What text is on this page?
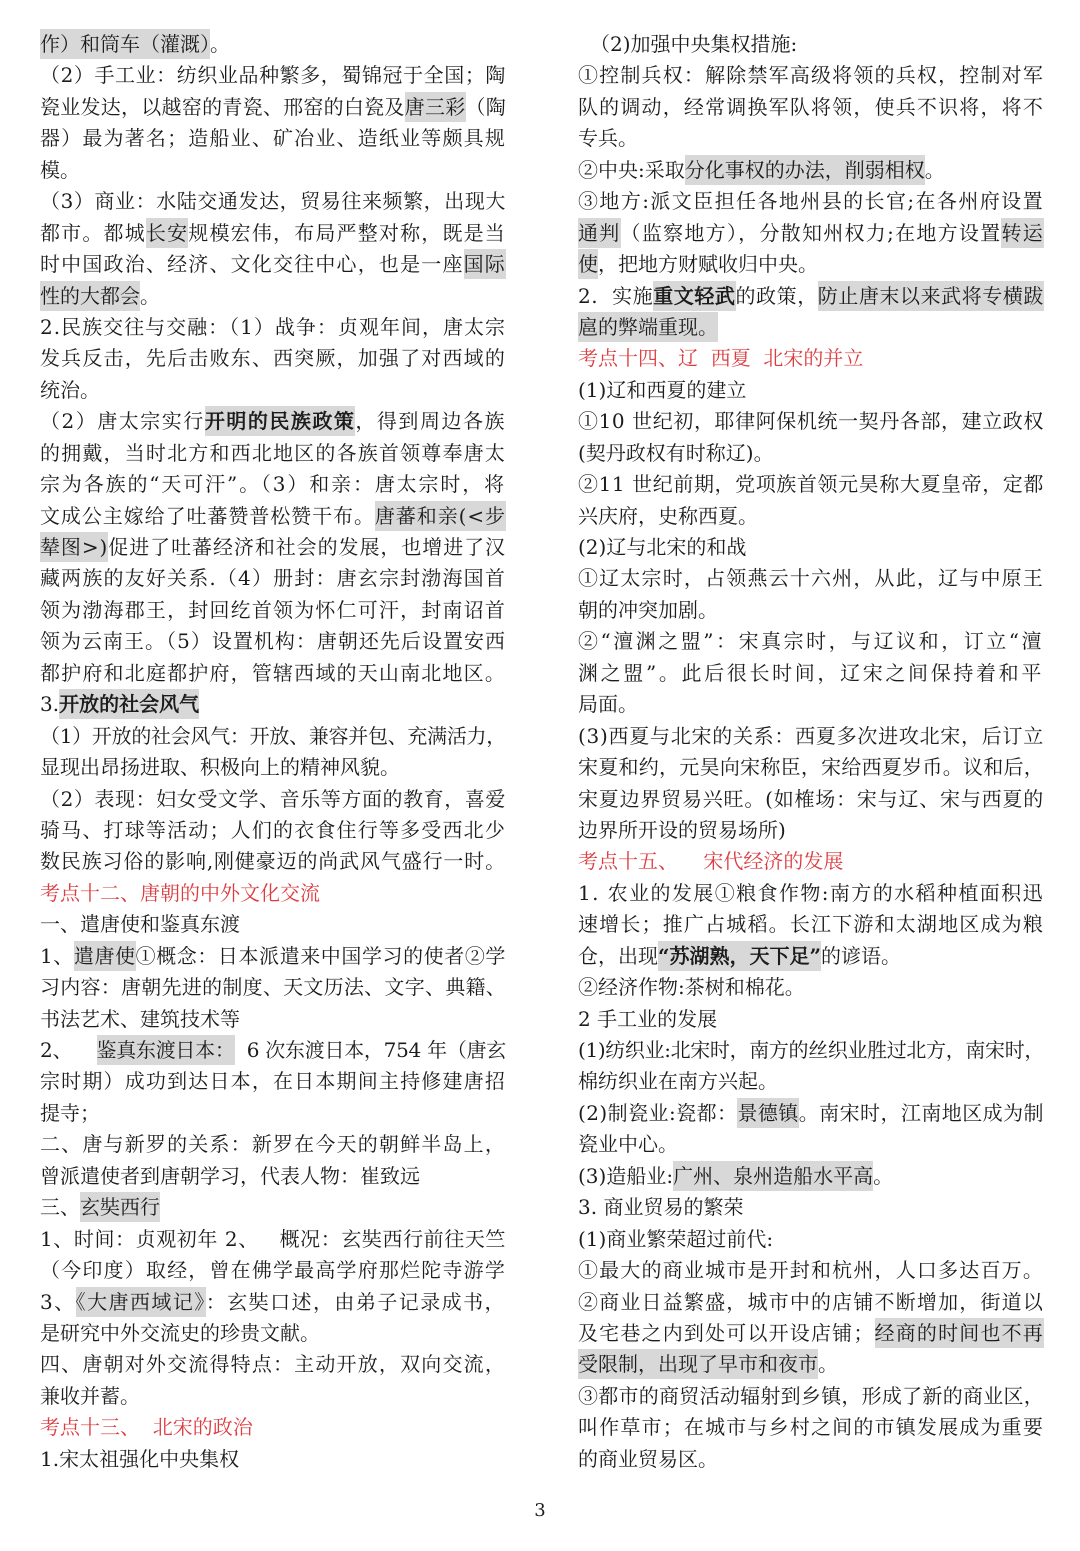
作）和筒车（灌溉）。
（2）手工业：纺织业品种繁多，蜀锦冠于全国；陶
瓷业发达，以越窑的青瓷、邢窑的白瓷及唐三彩（陶
器）最为著名；造船业、矿冶业、造纸业等颇具规
模。
（3）商业：水陆交通发达，贸易往来频繁，出现大
都市。都城长安规模宏伟，布局严整对称，既是当
时中国政治、经济、文化交往中心，也是一座国际
性的大都会。
2.民族交往与交融：（1）战争：贞观年间，唐太宗
发兵反击，先后击败东、西突厥，加强了对西域的
统治。
（2）唐太宗实行开明的民族政策，得到周边各族
的拥戴，当时北方和西北地区的各族首领尊奉唐太
宗为各族的“天可汗”。（3）和亲：唐太宗时，将
文成公主嫁给了吐蕃赞普松赞干布。唐蕃和亲(<步
辇图>)促进了吐蕃经济和社会的发展，也增进了汉
藏两族的友好关系.（4）册封：唐玄宗封渤海国首
领为渤海郡王，封回纥首领为怀仁可汗，封南诏首
领为云南王。（5）设置机构：唐朝还先后设置安西
都护府和北庭都护府，管辖西域的天山南北地区。
3.开放的社会风气
（1）开放的社会风气：开放、兼容并包、充满活力，
显现出昂扬进取、积极向上的精神风貌。
（2）表现：妇女受文学、音乐等方面的教育，喜爱
骑马、打球等活动；人们的衣食住行等多受西北少
数民族习俗的影响,刚健豪迈的尚武风气盛行一时。
考点十二、唐朝的中外文化交流
一、遣唐使和鉴真东渡
1、遣唐使①概念：日本派遣来中国学习的使者②学
习内容：唐朝先进的制度、天文历法、文字、典籍、
书法艺术、建筑技术等
2、    鉴真东渡日本：  6 次东渡日本，754 年（唐玄
宗时期）成功到达日本，在日本期间主持修建唐招
提寺；
二、唐与新罗的关系：新罗在今天的朝鲜半岛上，
曾派遣使者到唐朝学习，代表人物：崔致远
三、玄奘西行
1、时间：贞观初年 2、   概况：玄奘西行前往天竺
（今印度）取经，曾在佛学最高学府那烂陀寺游学
3、《大唐西域记》：玄奘口述，由弟子记录成书，
是研究中外交流史的珍贵文献。
四、唐朝对外交流得特点：主动开放，双向交流，
兼收并蓄。
考点十三、  北宋的政治
1.宋太祖强化中央集权
（2)加强中央集权措施:
①控制兵权：解除禁军高级将领的兵权，控制对军
队的调动，经常调换军队将领，使兵不识将，将不
专兵。
②中央:采取分化事权的办法，削弱相权。
③地方:派文臣担任各地州县的长官;在各州府设置
通判（监察地方），分散知州权力;在地方设置转运
使，把地方财赋收归中央。
2.  实施重文轻武的政策，防止唐末以来武将专横跋
扈的弊端重现。
考点十四、辽  西夏  北宋的并立
(1)辽和西夏的建立
①10 世纪初，耶律阿保机统一契丹各部，建立政权
(契丹政权有时称辽)。
②11 世纪前期，党项族首领元昊称大夏皇帝，定都
兴庆府，史称西夏。
(2)辽与北宋的和战
①辽太宗时，占领燕云十六州，从此，辽与中原王
朝的冲突加剧。
②“澶渊之盟”：宋真宗时，与辽议和，订立“澶
渊之盟”。此后很长时间，辽宋之间保持着和平
局面。
(3)西夏与北宋的关系：西夏多次进攻北宋，后订立
宋夏和约，元昊向宋称臣，宋给西夏岁币。议和后，
宋夏边界贸易兴旺。(如榷场：宋与辽、宋与西夏的
边界所开设的贸易场所)
考点十五、    宋代经济的发展
1. 农业的发展①粮食作物:南方的水稻种植面积迅
速增长；推广占城稻。长江下游和太湖地区成为粮
仓，出现“苏湖熟，天下足”的谚语。
②经济作物:茶树和棉花。
2 手工业的发展
(1)纺织业:北宋时，南方的丝织业胜过北方，南宋时，
棉纺织业在南方兴起。
(2)制瓷业:瓷都：景德镇。南宋时，江南地区成为制
瓷业中心。
(3)造船业:广州、泉州造船水平高。
3. 商业贸易的繁荣
(1)商业繁荣超过前代:
①最大的商业城市是开封和杭州，人口多达百万。
②商业日益繁盛，城市中的店铺不断增加，街道以
及宅巷之内到处可以开设店铺；经商的时间也不再
受限制，出现了早市和夜市。
③都市的商贸活动辐射到乡镇，形成了新的商业区，
叫作草市；在城市与乡村之间的市镇发展成为重要
的商业贸易区。
3
